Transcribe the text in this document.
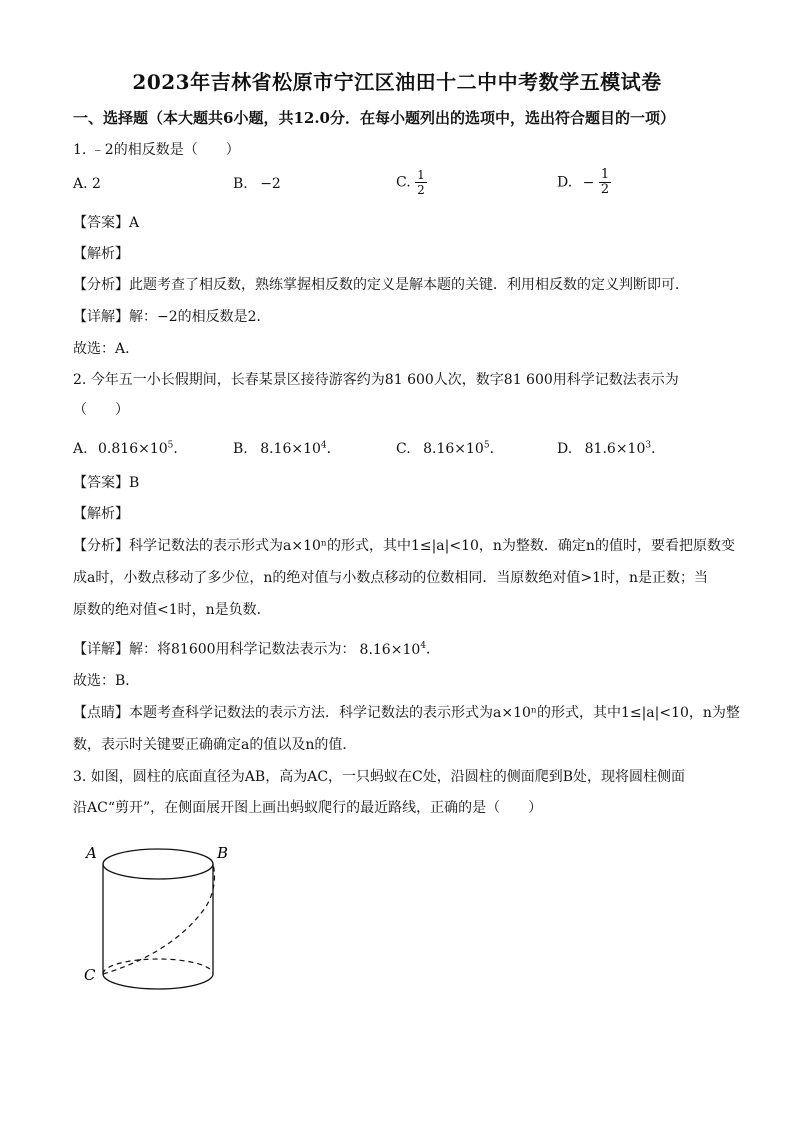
2023年吉林省松原市宁江区油田十二中中考数学五模试卷
一、选择题（本大题共6小题，共12.0分．在每小题列出的选项中，选出符合题目的一项）
1. ﹣2的相反数是（　　）
A. 2	B. −2	C. $\frac{1}{2}$	D. − $\frac{1}{2}$
【答案】A
【解析】
【分析】此题考查了相反数，熟练掌握相反数的定义是解本题的关键．利用相反数的定义判断即可．
【详解】解：−2的相反数是2．
故选：A．
2. 今年五一小长假期间，长春某景区接待游客约为81 600人次，数字81 600用科学记数法表示为
（　　）
A. $0.816\times 10^5$．	B. $8.16\times 10^4$．	C. $8.16\times 10^5$．	D. $81.6\times 10^3$．
【答案】B
【解析】
【分析】科学记数法的表示形式为a×10ⁿ的形式，其中1≤|a|<10，n为整数．确定n的值时，要看把原数变
成a时，小数点移动了多少位，n的绝对值与小数点移动的位数相同．当原数绝对值>1时，n是正数；当
原数的绝对值<1时，n是负数．
【详解】解：将81600用科学记数法表示为： $8.16\times 10^4$．
故选：B．
【点睛】本题考查科学记数法的表示方法．科学记数法的表示形式为a×10ⁿ的形式，其中1≤|a|<10，n为整
数，表示时关键要正确确定a的值以及n的值．
3. 如图，圆柱的底面直径为AB，高为AC，一只蚂蚁在C处，沿圆柱的侧面爬到B处，现将圆柱侧面
沿AC“剪开”，在侧面展开图上画出蚂蚁爬行的最近路线，正确的是（　　）
A	B
C
